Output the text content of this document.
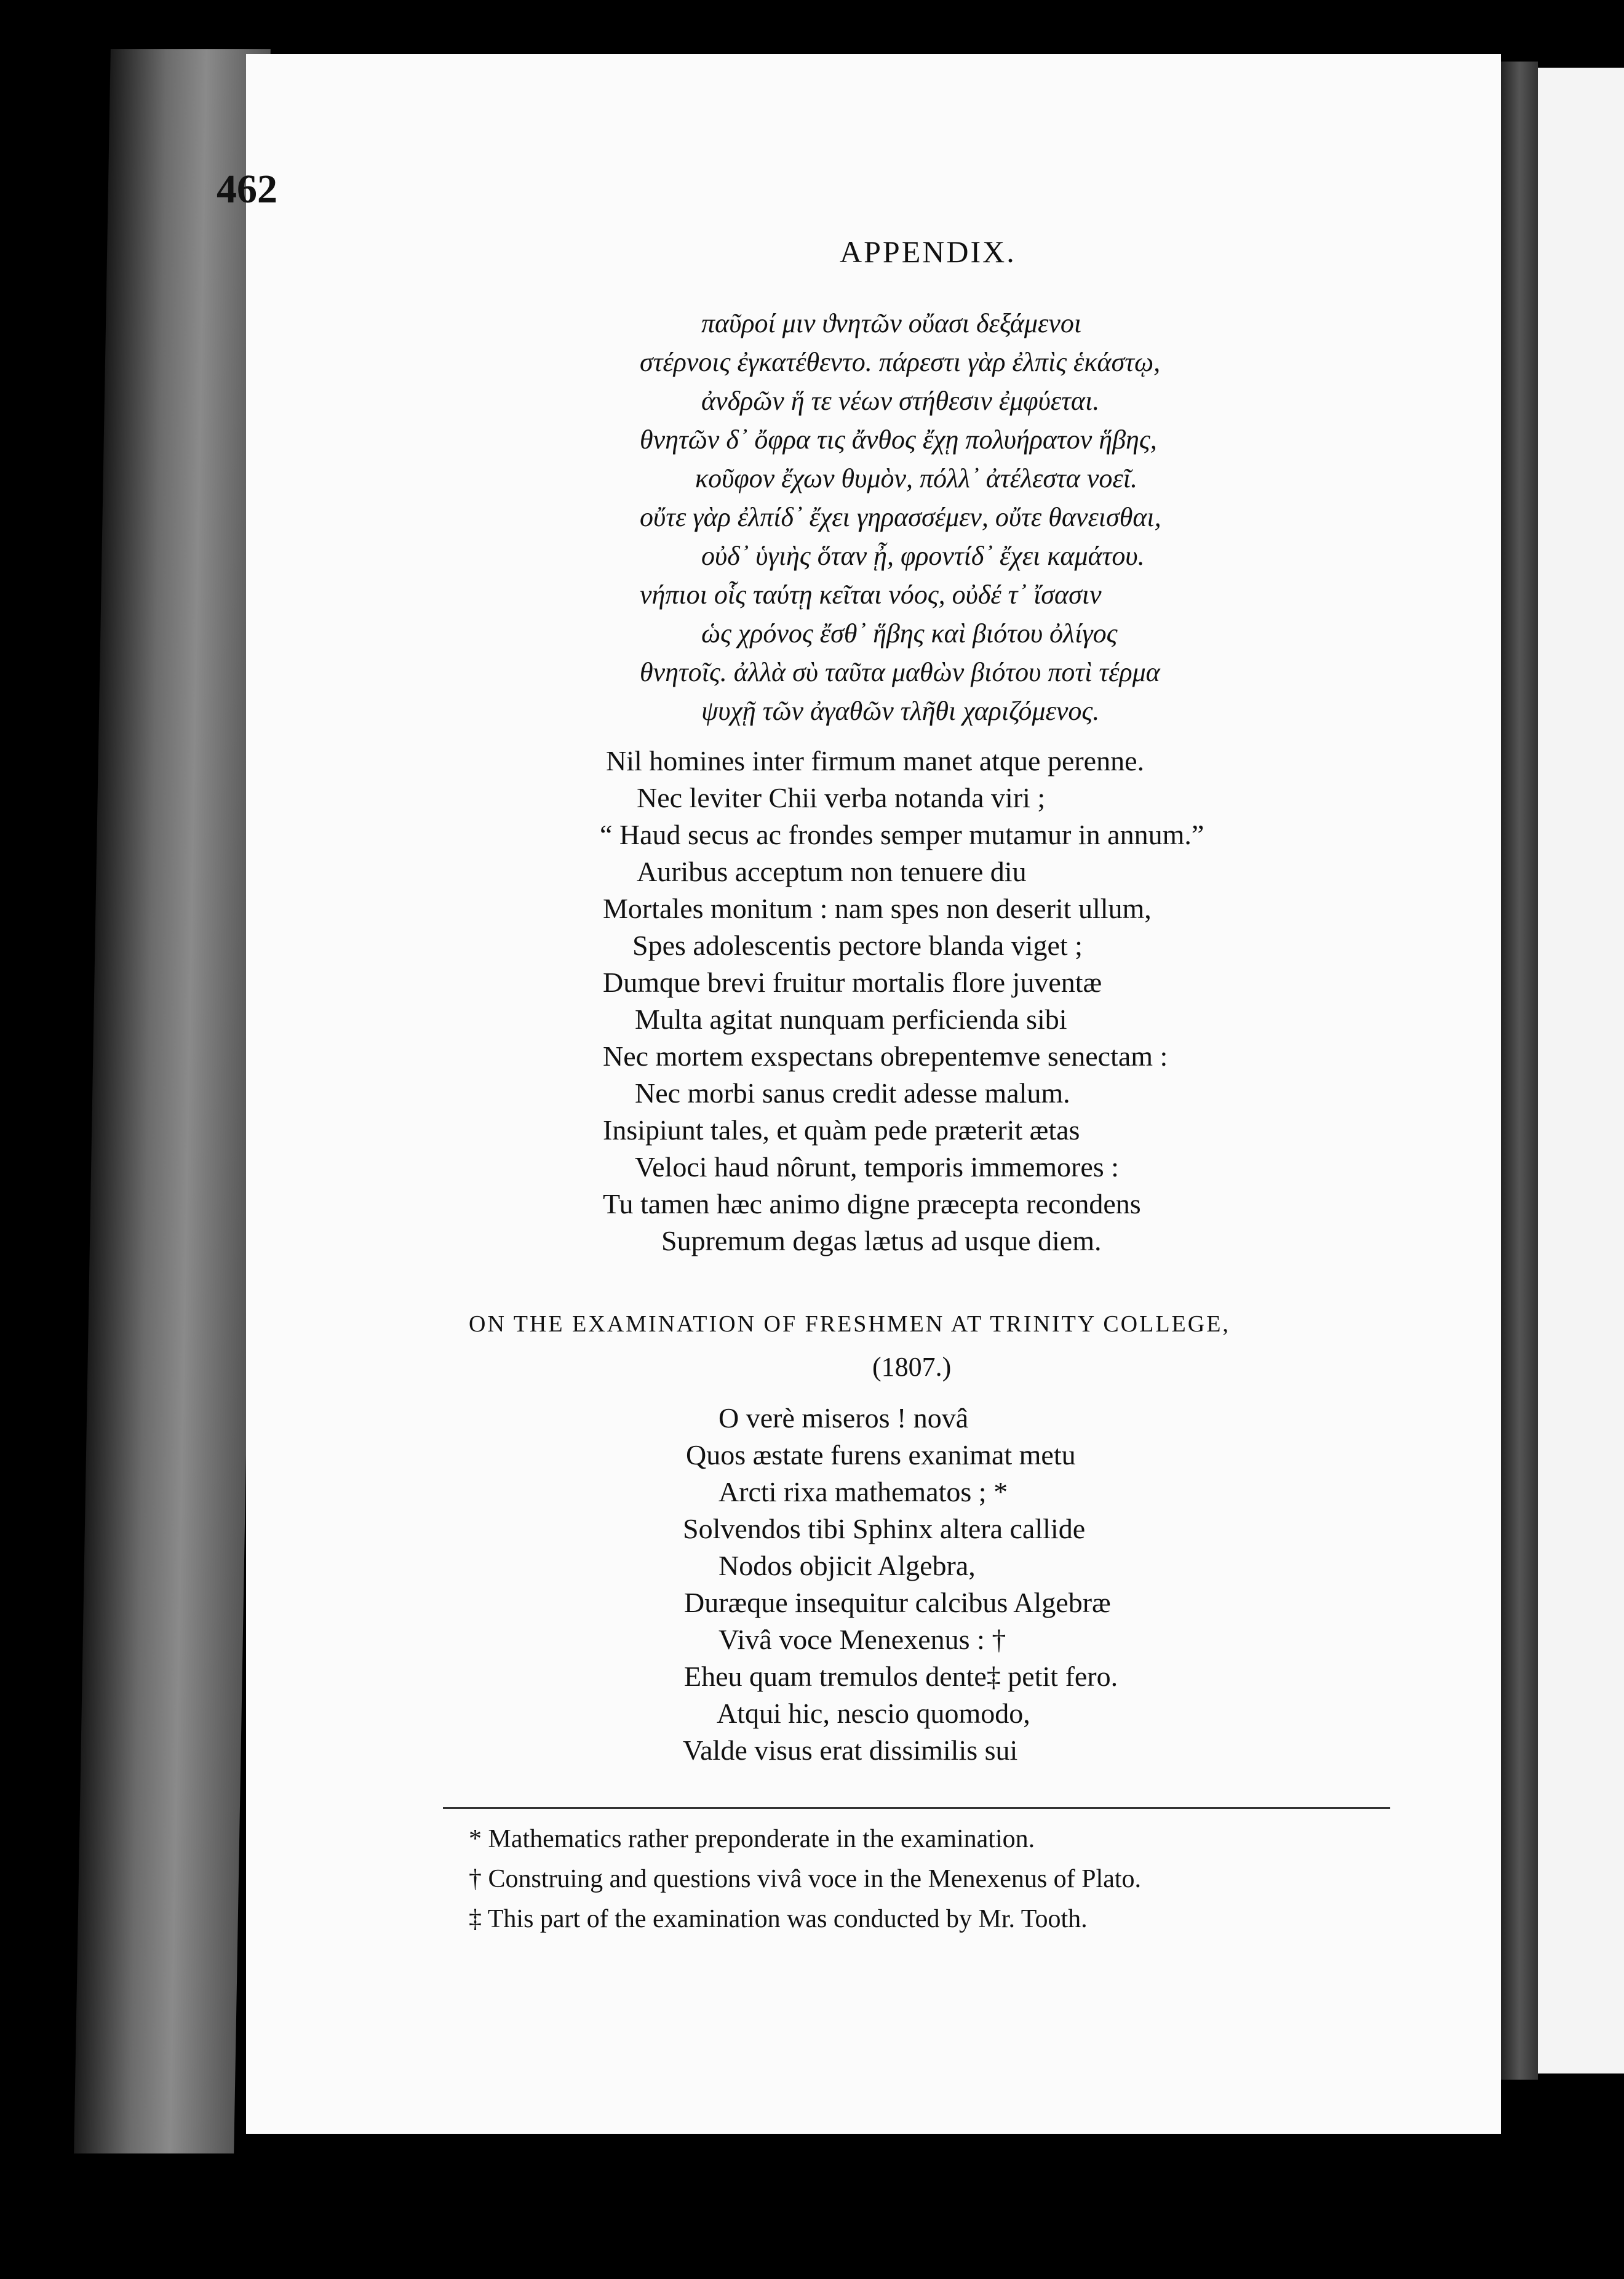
462
APPENDIX.
παῦροί μιν ϑνητῶν οὔασι δεξάμενοι
στέρνοις ἐγκατέθεντο. πάρεστι γὰρ ἐλπὶς ἑκάστῳ,
ἀνδρῶν ἥ τε νέων στήθεσιν ἐμφύεται.
θνητῶν δ᾽ ὄφρα τις ἄνθος ἔχῃ πολυήρατον ἥβης,
κοῦφον ἔχων θυμὸν, πόλλ᾽ ἀτέλεστα νοεῖ.
οὔτε γὰρ ἐλπίδ᾽ ἔχει γηρασσέμεν, οὔτε θανεισθαι,
οὐδ᾽ ὑγιὴς ὅταν ᾖ, φροντίδ᾽ ἔχει καμάτου.
νήπιοι οἷς ταύτῃ κεῖται νόος, οὐδέ τ᾽ ἴσασιν
ὡς χρόνος ἔσθ᾽ ἥβης καὶ βιότου ὀλίγος
θνητοῖς. ἀλλὰ σὺ ταῦτα μαθὼν βιότου ποτὶ τέρμα
ψυχῇ τῶν ἀγαθῶν τλῆθι χαριζόμενος.
Nil homines inter firmum manet atque perenne.
Nec leviter Chii verba notanda viri ;
“ Haud secus ac frondes semper mutamur in annum.”
Auribus acceptum non tenuere diu
Mortales monitum : nam spes non deserit ullum,
Spes adolescentis pectore blanda viget ;
Dumque brevi fruitur mortalis flore juventæ
Multa agitat nunquam perficienda sibi
Nec mortem exspectans obrepentemve senectam :
Nec morbi sanus credit adesse malum.
Insipiunt tales, et quàm pede præterit ætas
Veloci haud nôrunt, temporis immemores :
Tu tamen hæc animo digne præcepta recondens
Supremum degas lætus ad usque diem.
ON THE EXAMINATION OF FRESHMEN AT TRINITY COLLEGE,
(1807.)
O verè miseros ! novâ
Quos æstate furens exanimat metu
Arcti rixa mathematos ; *
Solvendos tibi Sphinx altera callide
Nodos objicit Algebra,
Duræque insequitur calcibus Algebræ
Vivâ voce Menexenus : †
Eheu quam tremulos dente‡ petit fero.
Atqui hic, nescio quomodo,
Valde visus erat dissimilis sui
* Mathematics rather preponderate in the examination.
† Construing and questions vivâ voce in the Menexenus of Plato.
‡ This part of the examination was conducted by Mr. Tooth.
